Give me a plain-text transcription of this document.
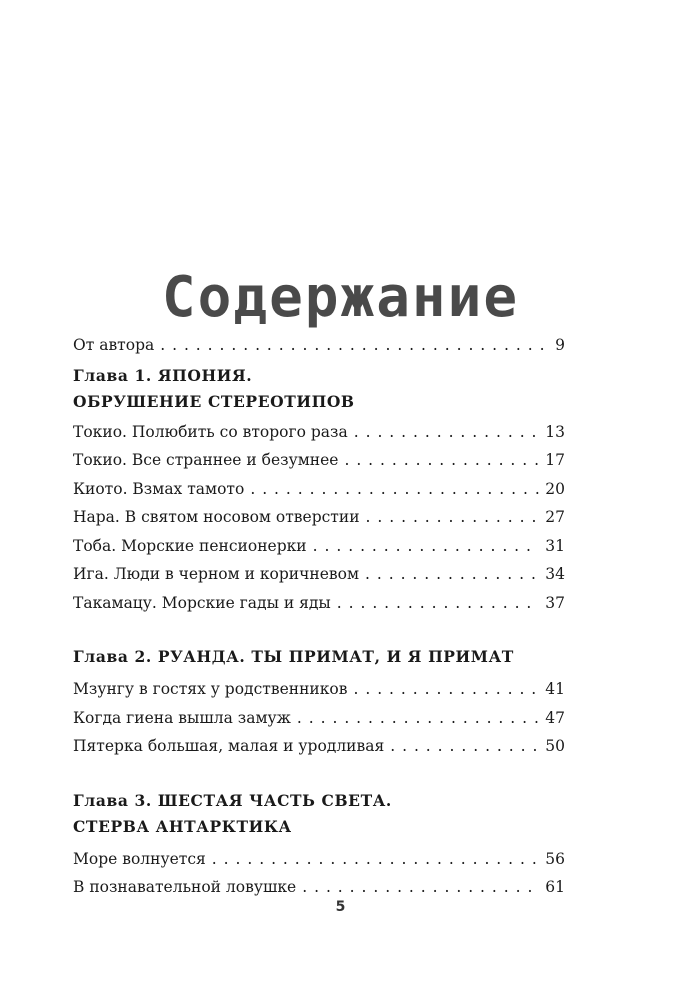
Содержание
От автора . . .	9
Глава 1. ЯПОНИЯ.
ОБРУШЕНИЕ СТЕРЕОТИПОВ
Токио. Полюбить со второго раза . . .	13
Токио. Все страннее и безумнее . . .	17
Киото. Взмах тамото . . .	20
Нара. В святом носовом отверстии . . .	27
Тоба. Морские пенсионерки . . .	31
Ига. Люди в черном и коричневом . . .	34
Такамацу. Морские гады и яды . . .	37
Глава 2. РУАНДА. ТЫ ПРИМАТ, И Я ПРИМАТ
Мзунгу в гостях у родственников . . .	41
Когда гиена вышла замуж . . .	47
Пятерка большая, малая и уродливая . . .	50
Глава 3. ШЕСТАЯ ЧАСТЬ СВЕТА.
СТЕРВА АНТАРКТИКА
Море волнуется . . .	56
В познавательной ловушке . . .	61
5
